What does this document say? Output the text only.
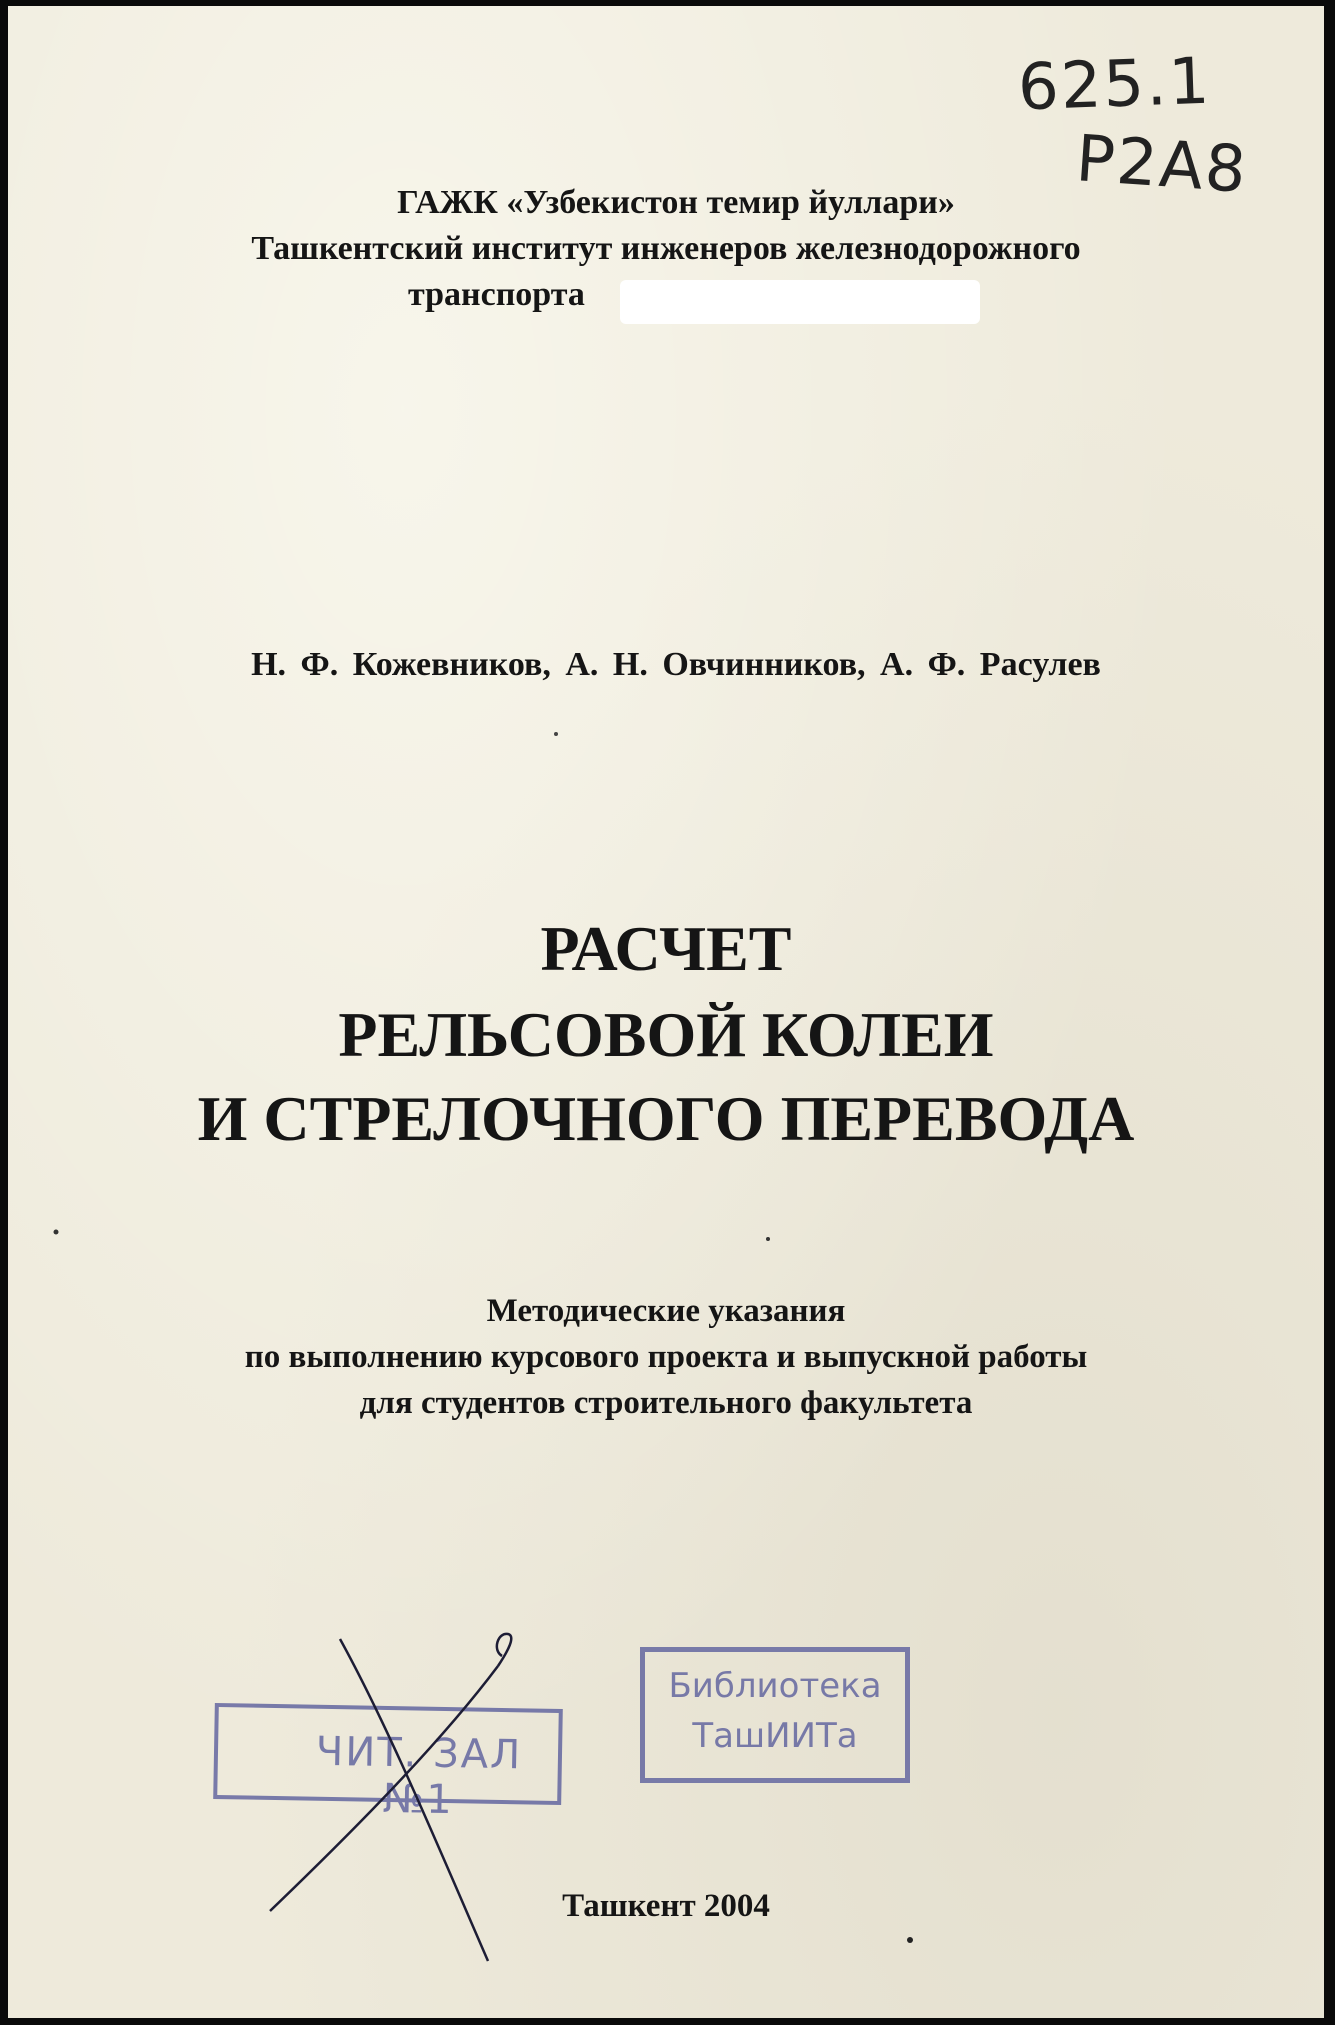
625.1
Р2А8
ГАЖК «Узбекистон темир йуллари»
Ташкентский институт инженеров железнодорожного
транспорта
Н. Ф. Кожевников, А. Н. Овчинников, А. Ф. Расулев
РАСЧЕТ
РЕЛЬСОВОЙ КОЛЕИ
И СТРЕЛОЧНОГО ПЕРЕВОДА
Методические указания
по выполнению курсового проекта и выпускной работы
для студентов строительного факультета
ЧИТ. ЗАЛ №1
Библиотека
ТашИИТа
Ташкент 2004
